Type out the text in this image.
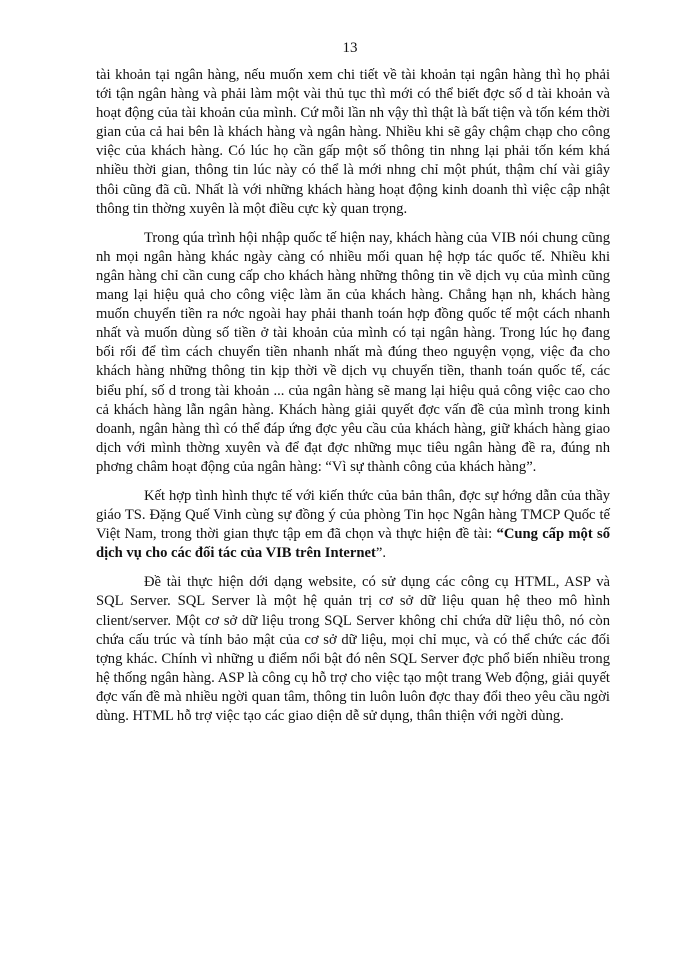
13

tài khoản tại ngân hàng, nếu muốn xem chi tiết về tài khoản tại ngân hàng thì họ phải tới tận ngân hàng và phải làm một vài thủ tục thì mới có thể biết đợc số d tài khoản và hoạt động của tài khoản của mình. Cứ mỗi lần nh vậy thì thật là bất tiện và tốn kém thời gian của cả hai bên là khách hàng và ngân hàng. Nhiều khi sẽ gây chậm chạp cho công việc của khách hàng. Có lúc họ cần gấp một số thông tin nhng lại phải tốn kém khá nhiều thời gian, thông tin lúc này có thể là mới nhng chỉ một phút, thậm chí vài giây thôi cũng đã cũ. Nhất là với những khách hàng hoạt động kinh doanh thì việc cập nhật thông tin thờng xuyên là một điều cực kỳ quan trọng.

Trong qúa trình hội nhập quốc tế hiện nay, khách hàng của VIB nói chung cũng nh mọi ngân hàng khác ngày càng có nhiều mối quan hệ hợp tác quốc tế. Nhiều khi ngân hàng chỉ cần cung cấp cho khách hàng những thông tin về dịch vụ của mình cũng mang lại hiệu quả cho công việc làm ăn của khách hàng. Chẳng hạn nh, khách hàng muốn chuyển tiền ra nớc ngoài hay phải thanh toán hợp đồng quốc tế một cách nhanh nhất và muốn dùng số tiền ở tài khoản của mình có tại ngân hàng. Trong lúc họ đang bối rối để tìm cách chuyển tiền nhanh nhất mà đúng theo nguyện vọng, việc đa cho khách hàng những thông tin kịp thời về dịch vụ chuyển tiền, thanh toán quốc tế, các biểu phí, số d trong tài khoản ... của ngân hàng sẽ mang lại hiệu quả công việc cao cho cả khách hàng lẫn ngân hàng. Khách hàng giải quyết đợc vấn đề của mình trong kinh doanh, ngân hàng thì có thể đáp ứng đợc yêu cầu của khách hàng, giữ khách hàng giao dịch với mình thờng xuyên và để đạt đợc những mục tiêu ngân hàng đề ra, đúng nh phơng châm hoạt động của ngân hàng: “Vì sự thành công của khách hàng”.

Kết hợp tình hình thực tế với kiến thức của bản thân, đợc sự hớng dẫn của thầy giáo TS. Đặng Quế Vinh cùng sự đồng ý của phòng Tin học Ngân hàng TMCP Quốc tế Việt Nam, trong thời gian thực tập em đã chọn và thực hiện đề tài: “Cung cấp một số dịch vụ cho các đối tác của VIB trên Internet”.

Đề tài thực hiện dới dạng website, có sử dụng các công cụ HTML, ASP và SQL Server. SQL Server là một hệ quản trị cơ sở dữ liệu quan hệ theo mô hình client/server. Một cơ sở dữ liệu trong SQL Server không chỉ chứa dữ liệu thô, nó còn chứa cấu trúc và tính bảo mật của cơ sở dữ liệu, mọi chỉ mục, và có thể chức các đối tợng khác. Chính vì những u điểm nổi bật đó nên SQL Server đợc phổ biến nhiều trong hệ thống ngân hàng. ASP là công cụ hỗ trợ cho việc tạo một trang Web động, giải quyết đợc vấn đề mà nhiều ngời quan tâm, thông tin luôn luôn đợc thay đổi theo yêu cầu ngời dùng. HTML hỗ trợ việc tạo các giao diện dễ sử dụng, thân thiện với ngời dùng.
